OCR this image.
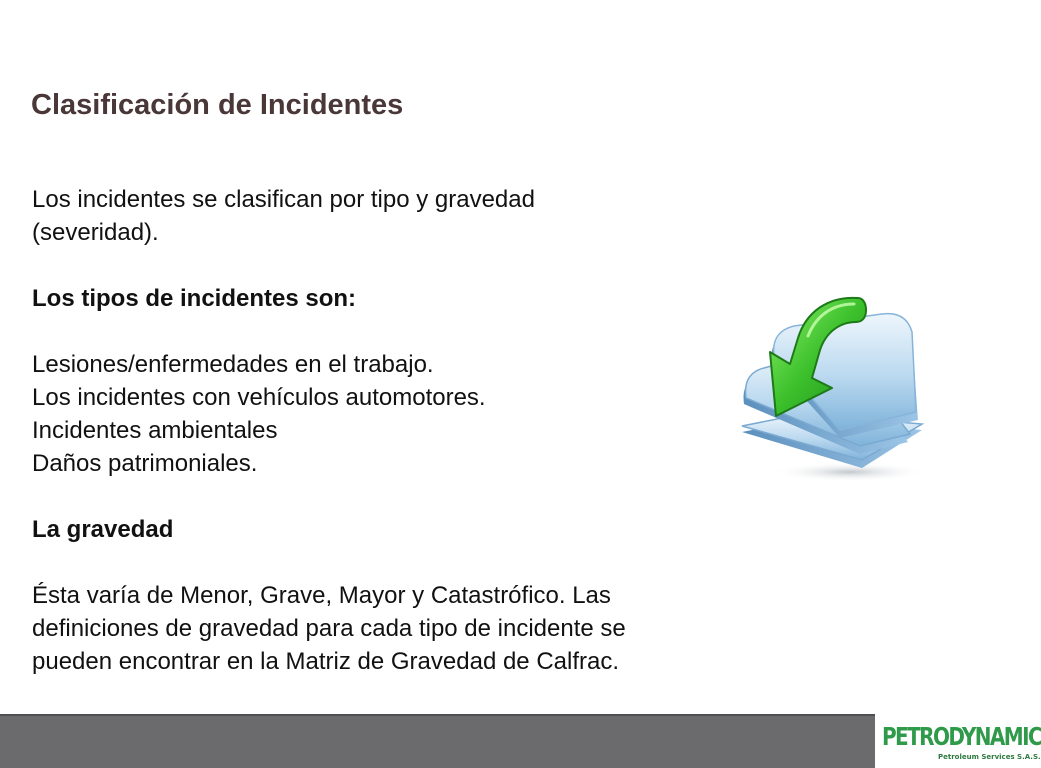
Clasificación de Incidentes

Los incidentes se clasifican por tipo y gravedad

(severidad).

Los tipos de incidentes son:

Lesiones/enfermedades en el trabajo.

Los incidentes con vehículos automotores.

Incidentes ambientales

Daños patrimoniales.

La gravedad

Ésta varía de Menor, Grave, Mayor y Catastrófico. Las

definiciones de gravedad para cada tipo de incidente se

pueden encontrar en la Matriz de Gravedad de Calfrac.

PETRODYNAMIC
Petroleum Services S.A.S.
